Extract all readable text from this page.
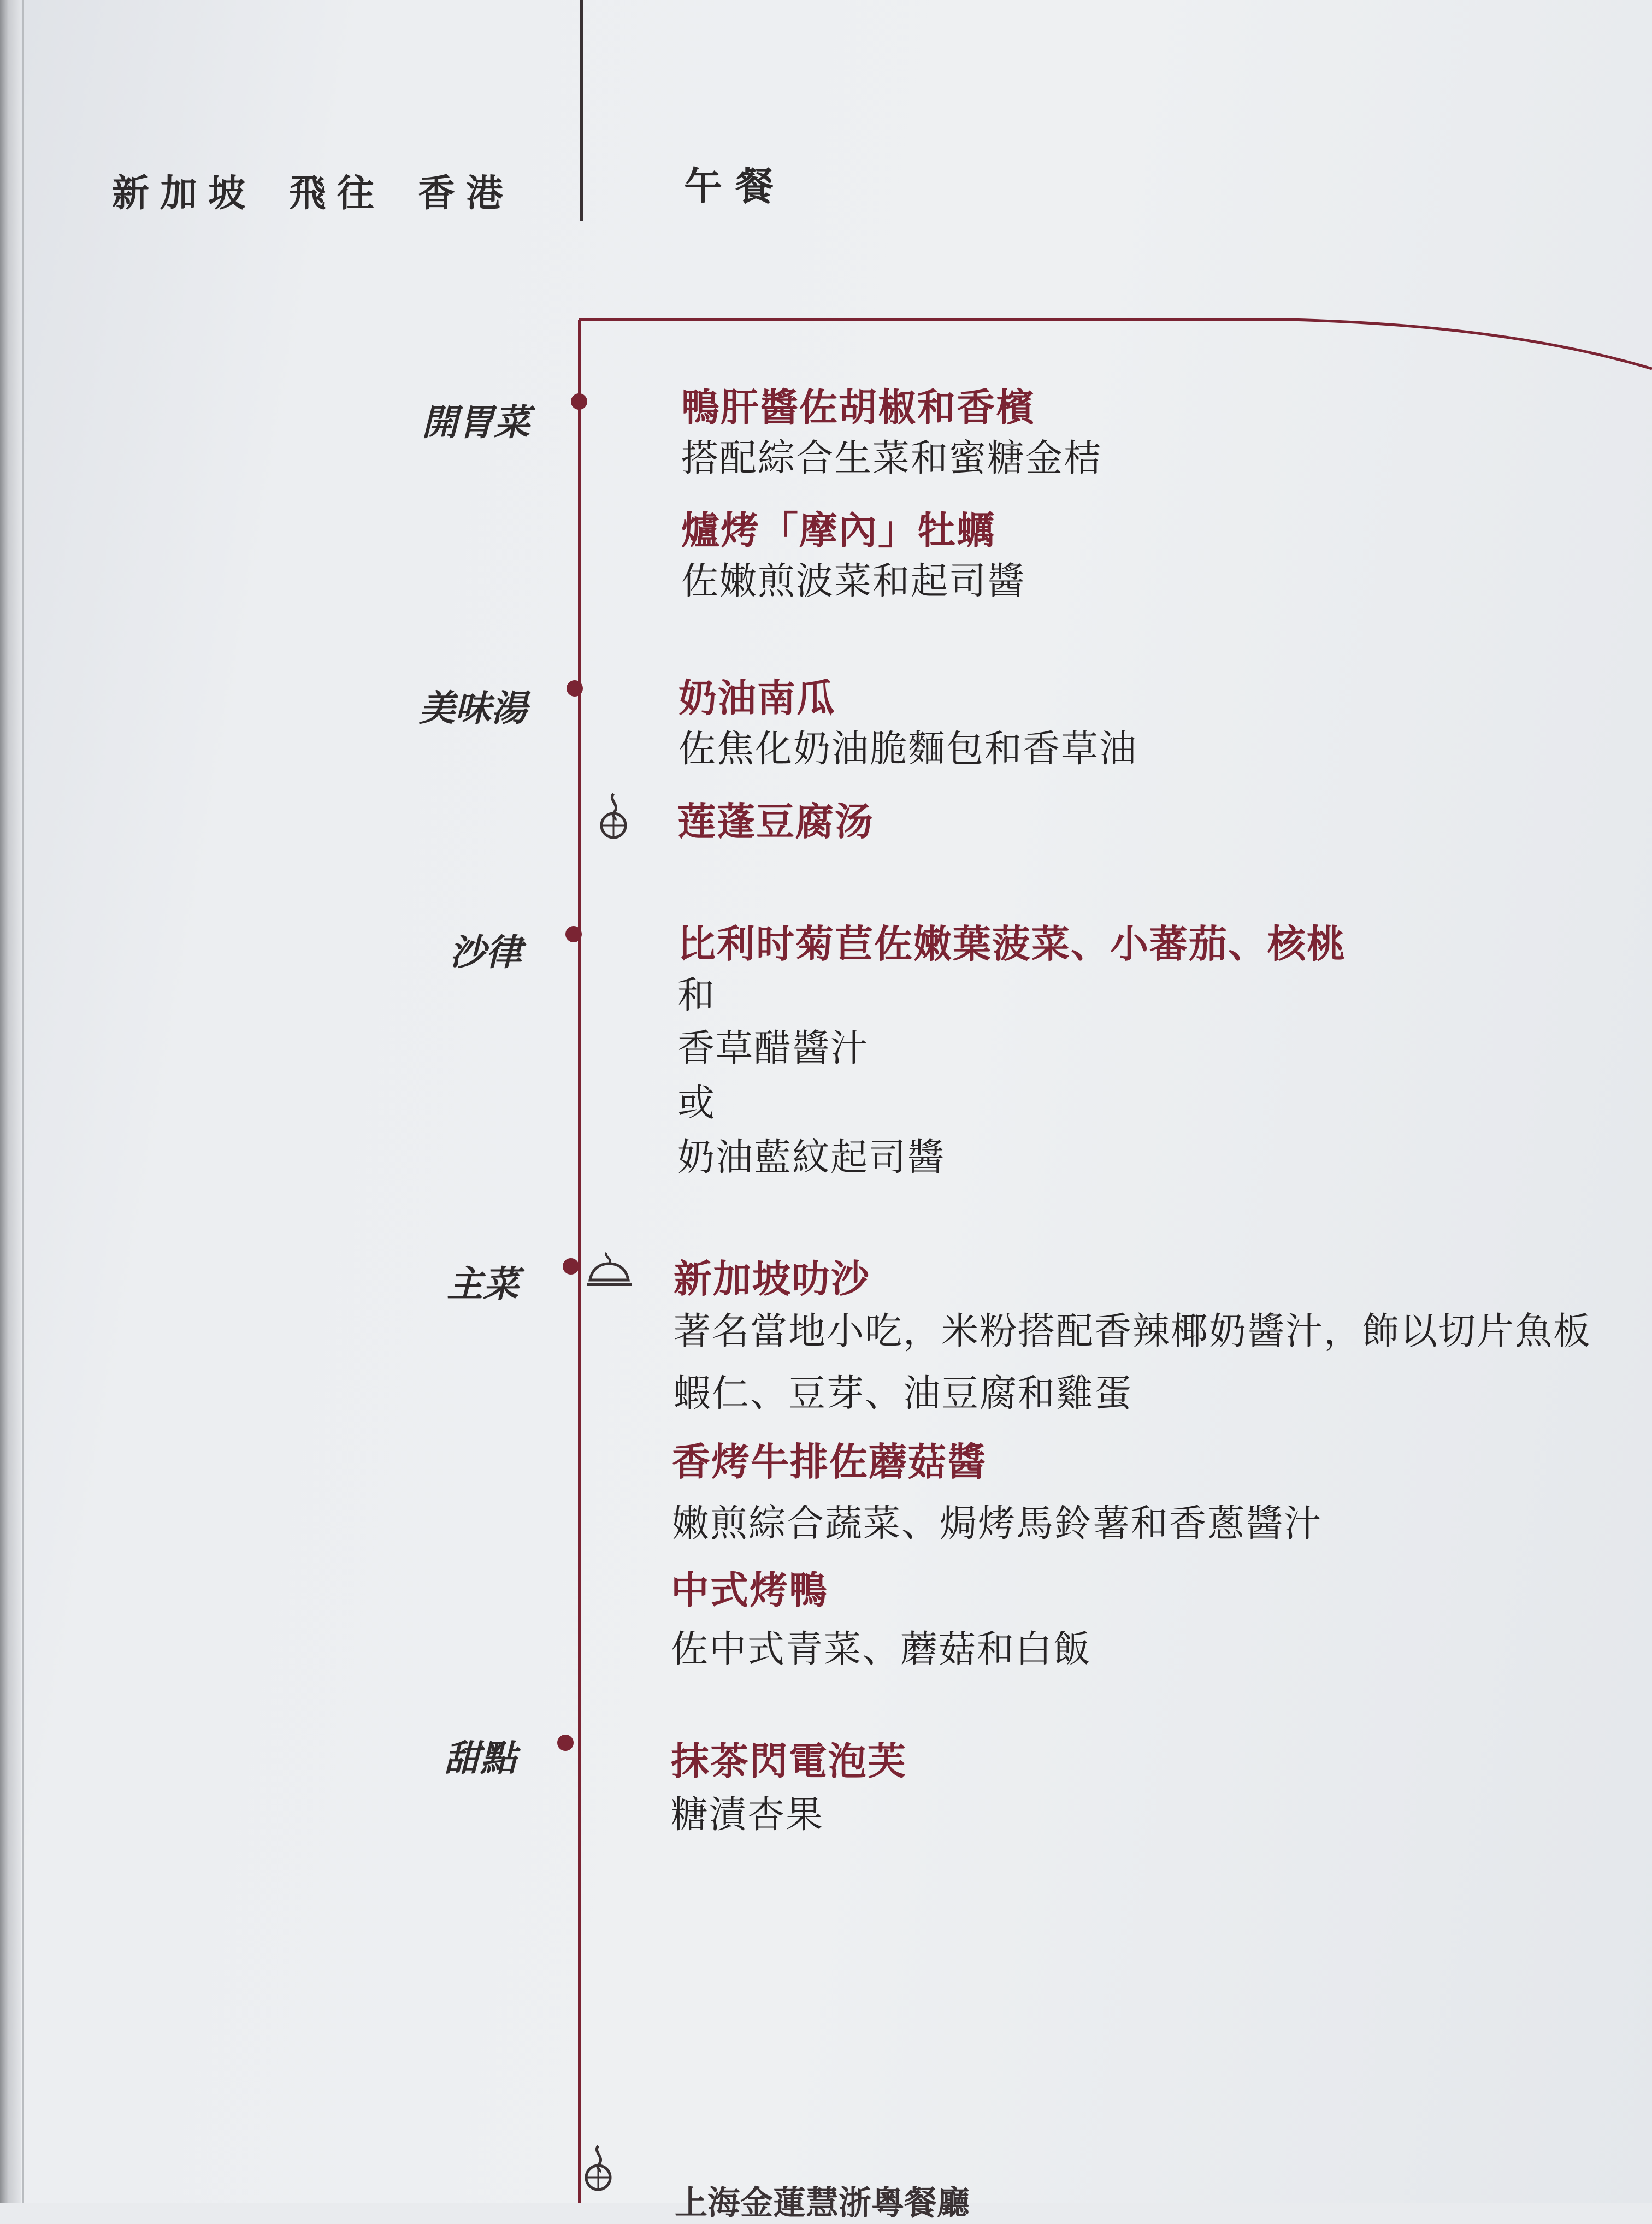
新加坡 飛往 香港	午餐
開胃菜	鴨肝醬佐胡椒和香檳
搭配綜合生菜和蜜糖金桔
爐烤「摩內」牡蠣
佐嫩煎波菜和起司醬
美味湯	奶油南瓜
佐焦化奶油脆麵包和香草油
莲蓬豆腐汤
沙律	比利时菊苣佐嫩葉菠菜、小蕃茄、核桃
和
香草醋醬汁
或
奶油藍紋起司醬
主菜	新加坡叻沙
著名當地小吃，米粉搭配香辣椰奶醬汁，飾以切片魚板
蝦仁、豆芽、油豆腐和雞蛋
香烤牛排佐蘑菇醬
嫩煎綜合蔬菜、焗烤馬鈴薯和香蔥醬汁
中式烤鴨
佐中式青菜、蘑菇和白飯
甜點	抹茶閃電泡芙
糖漬杏果
上海金蓮慧浙粵餐廳
